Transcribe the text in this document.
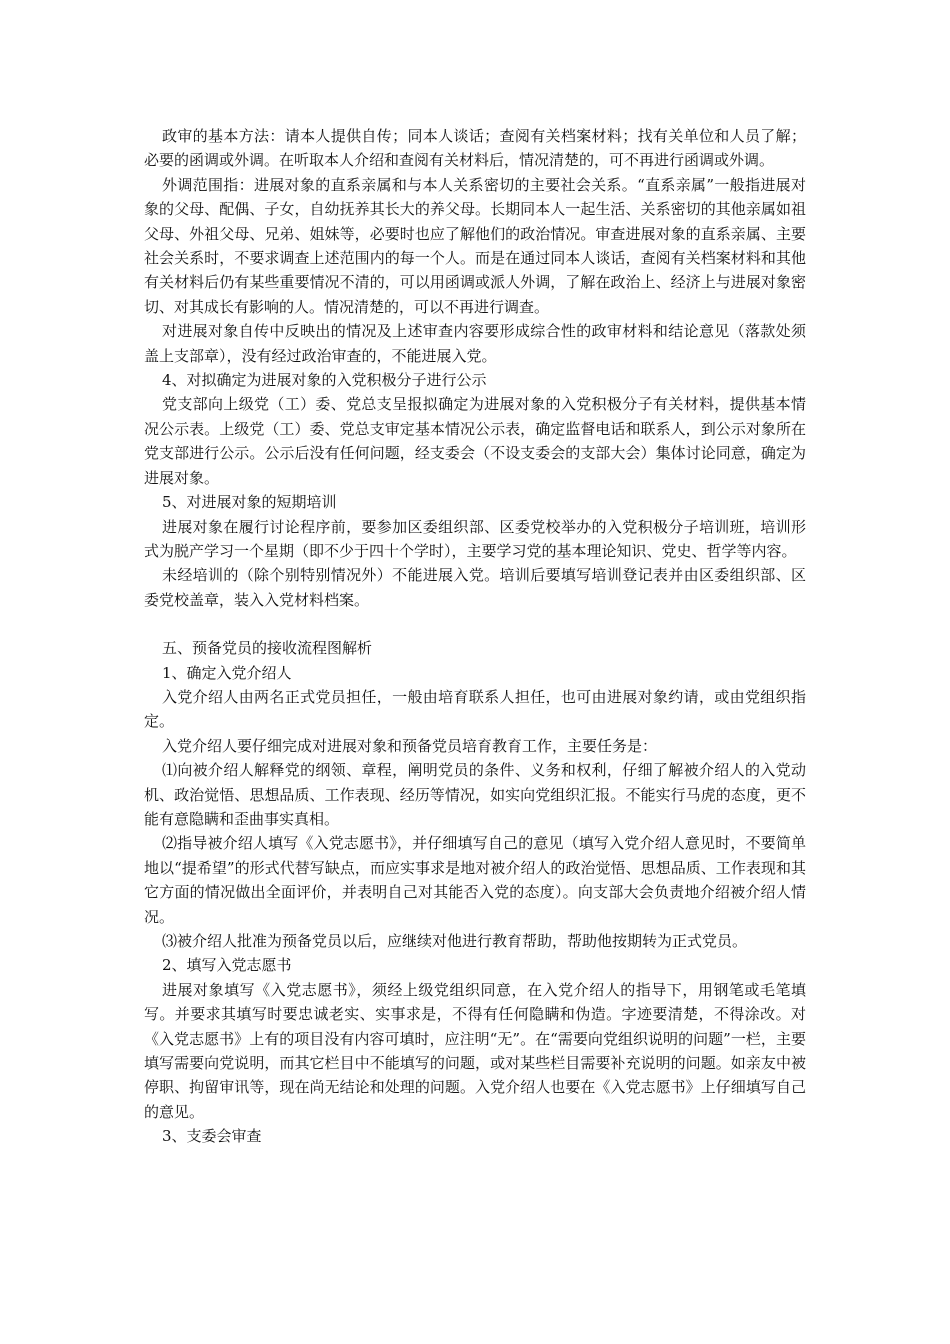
政审的基本方法：请本人提供自传；同本人谈话；查阅有关档案材料；找有关单位和人员了解；必要的函调或外调。在听取本人介绍和查阅有关材料后，情况清楚的，可不再进行函调或外调。

外调范围指：进展对象的直系亲属和与本人关系密切的主要社会关系。“直系亲属”一般指进展对象的父母、配偶、子女，自幼抚养其长大的养父母。长期同本人一起生活、关系密切的其他亲属如祖父母、外祖父母、兄弟、姐妹等，必要时也应了解他们的政治情况。审查进展对象的直系亲属、主要社会关系时，不要求调查上述范围内的每一个人。而是在通过同本人谈话，查阅有关档案材料和其他有关材料后仍有某些重要情况不清的，可以用函调或派人外调，了解在政治上、经济上与进展对象密切、对其成长有影响的人。情况清楚的，可以不再进行调查。

对进展对象自传中反映出的情况及上述审查内容要形成综合性的政审材料和结论意见（落款处须盖上支部章），没有经过政治审查的，不能进展入党。

4、对拟确定为进展对象的入党积极分子进行公示

党支部向上级党（工）委、党总支呈报拟确定为进展对象的入党积极分子有关材料，提供基本情况公示表。上级党（工）委、党总支审定基本情况公示表，确定监督电话和联系人，到公示对象所在党支部进行公示。公示后没有任何问题，经支委会（不设支委会的支部大会）集体讨论同意，确定为进展对象。

5、对进展对象的短期培训

进展对象在履行讨论程序前，要参加区委组织部、区委党校举办的入党积极分子培训班，培训形式为脱产学习一个星期（即不少于四十个学时），主要学习党的基本理论知识、党史、哲学等内容。

未经培训的（除个别特别情况外）不能进展入党。培训后要填写培训登记表并由区委组织部、区委党校盖章，装入入党材料档案。

五、预备党员的接收流程图解析

1、确定入党介绍人

入党介绍人由两名正式党员担任，一般由培育联系人担任，也可由进展对象约请，或由党组织指定。

入党介绍人要仔细完成对进展对象和预备党员培育教育工作，主要任务是：

⑴向被介绍人解释党的纲领、章程，阐明党员的条件、义务和权利，仔细了解被介绍人的入党动机、政治觉悟、思想品质、工作表现、经历等情况，如实向党组织汇报。不能实行马虎的态度，更不能有意隐瞒和歪曲事实真相。

⑵指导被介绍人填写《入党志愿书》，并仔细填写自己的意见（填写入党介绍人意见时，不要简单地以“提希望”的形式代替写缺点，而应实事求是地对被介绍人的政治觉悟、思想品质、工作表现和其它方面的情况做出全面评价，并表明自己对其能否入党的态度）。向支部大会负责地介绍被介绍人情况。

⑶被介绍人批准为预备党员以后，应继续对他进行教育帮助，帮助他按期转为正式党员。

2、填写入党志愿书

进展对象填写《入党志愿书》，须经上级党组织同意，在入党介绍人的指导下，用钢笔或毛笔填写。并要求其填写时要忠诚老实、实事求是，不得有任何隐瞒和伪造。字迹要清楚，不得涂改。对《入党志愿书》上有的项目没有内容可填时，应注明“无”。在“需要向党组织说明的问题”一栏，主要填写需要向党说明，而其它栏目中不能填写的问题，或对某些栏目需要补充说明的问题。如亲友中被停职、拘留审讯等，现在尚无结论和处理的问题。入党介绍人也要在《入党志愿书》上仔细填写自己的意见。

3、支委会审查
